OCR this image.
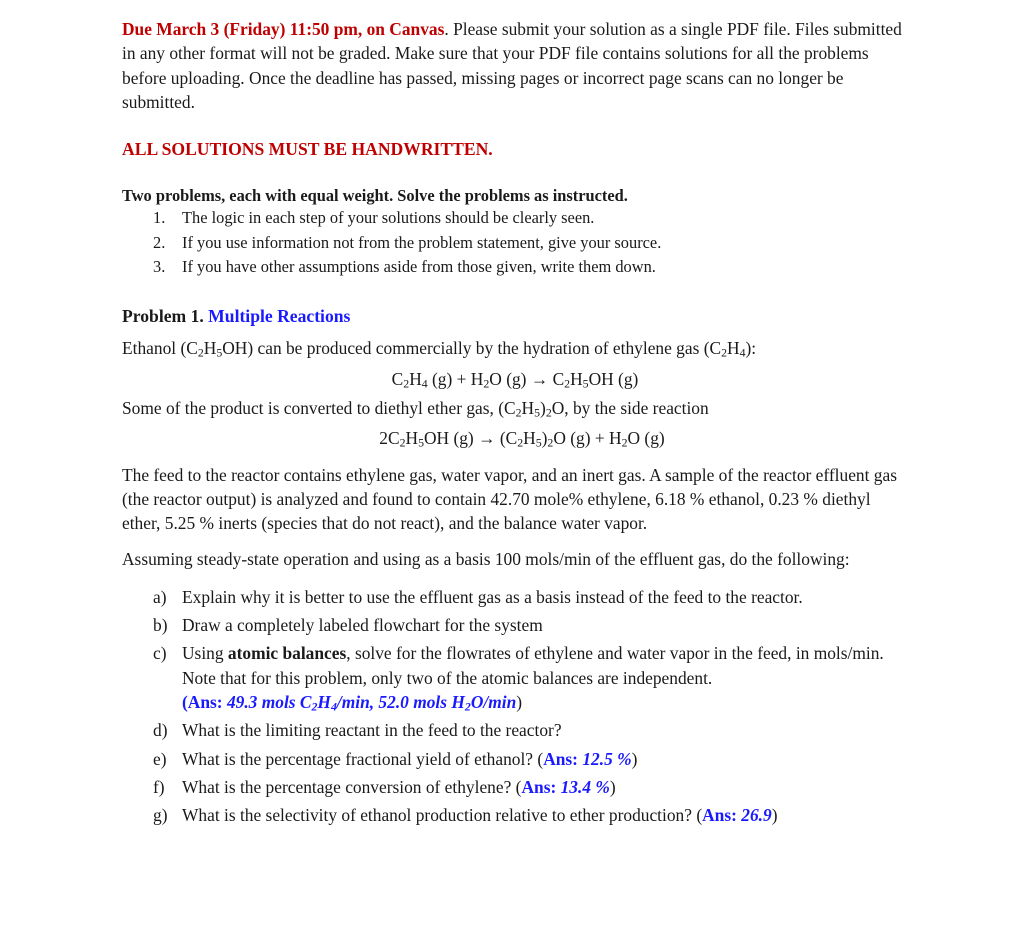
Due March 3 (Friday) 11:50 pm, on Canvas. Please submit your solution as a single PDF file. Files submitted in any other format will not be graded. Make sure that your PDF file contains solutions for all the problems before uploading. Once the deadline has passed, missing pages or incorrect page scans can no longer be submitted.

ALL SOLUTIONS MUST BE HANDWRITTEN.

Two problems, each with equal weight. Solve the problems as instructed.

1. The logic in each step of your solutions should be clearly seen.
2. If you use information not from the problem statement, give your source.
3. If you have other assumptions aside from those given, write them down.

Problem 1. Multiple Reactions

Ethanol $(C_2H_5OH)$ can be produced commercially by the hydration of ethylene gas $(C_2H_4)$:

$C_2H_4$ $(g) + H_2O$ $(g) \to C_2H_5OH$ (g)

Some of the product is converted to diethyl ether gas, $(C_2H_5)_2O$, by the side reaction

$2C_2H_5OH$ $(g) \to (C_2H_5)_2O$ $(g) + H_2O$ (g)

The feed to the reactor contains ethylene gas, water vapor, and an inert gas. A sample of the reactor effluent gas (the reactor output) is analyzed and found to contain 42.70 mole% ethylene, 6.18 % ethanol, 0.23 % diethyl ether, 5.25 % inerts (species that do not react), and the balance water vapor.

Assuming steady-state operation and using as a basis 100 mols/min of the effluent gas, do the following:

a) Explain why it is better to use the effluent gas as a basis instead of the feed to the reactor.
b) Draw a completely labeled flowchart for the system
c) Using atomic balances, solve for the flowrates of ethylene and water vapor in the feed, in mols/min. Note that for this problem, only two of the atomic balances are independent.
(Ans: 49.3 mols $C_2H_4/\min$, 52.0 mols $H_2O/\min$)
d) What is the limiting reactant in the feed to the reactor?
e) What is the percentage fractional yield of ethanol? (Ans: 12.5 %)
f) What is the percentage conversion of ethylene? (Ans: 13.4 %)
g) What is the selectivity of ethanol production relative to ether production? (Ans: 26.9)
